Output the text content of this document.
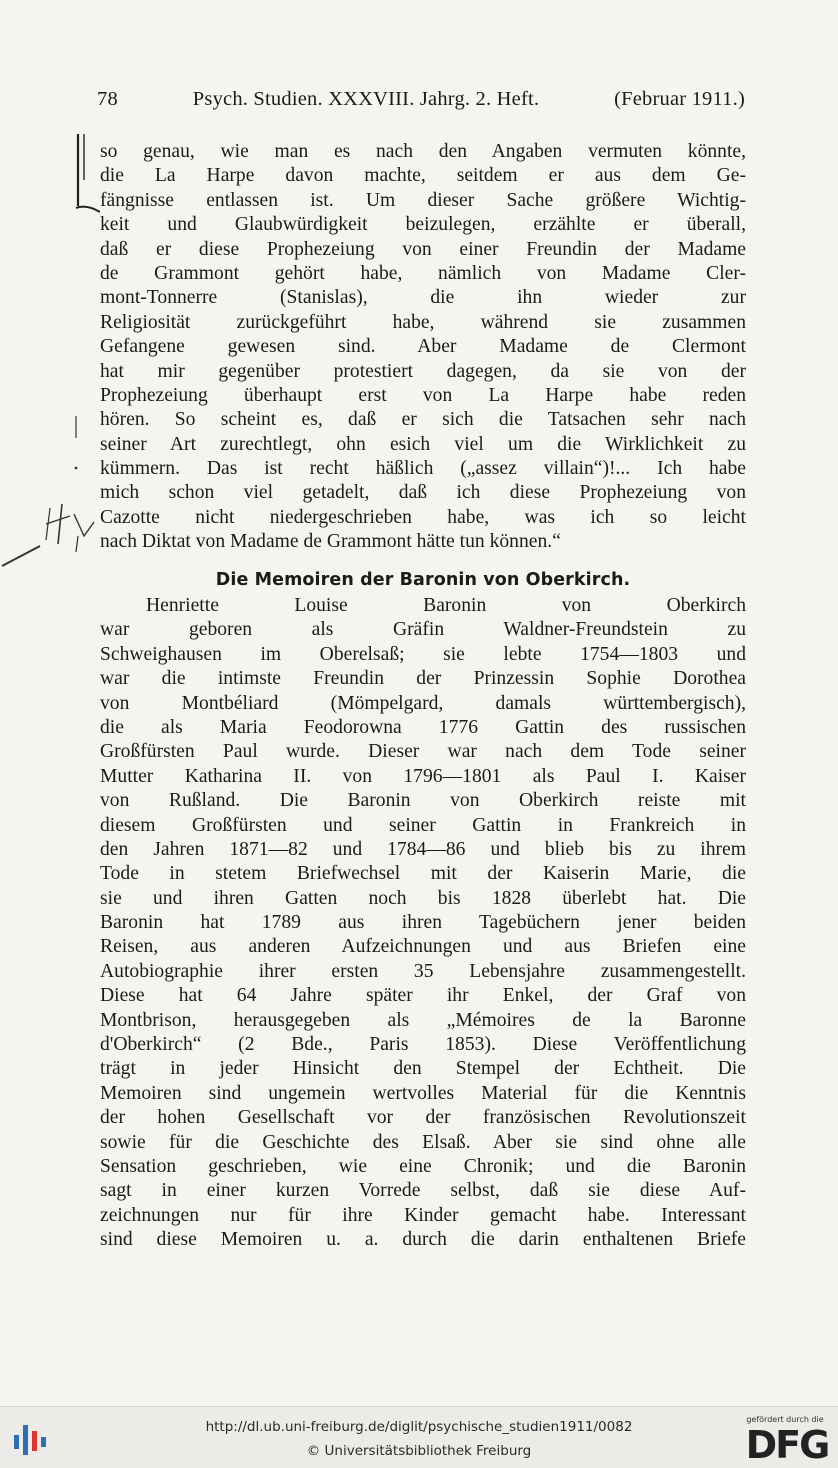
78	Psych. Studien. XXXVIII. Jahrg. 2. Heft.	(Februar 1911.)
so genau, wie man es nach den Angaben vermuten könnte,
die La Harpe davon machte, seitdem er aus dem Ge-
fängnisse entlassen ist. Um dieser Sache größere Wichtig-
keit und Glaubwürdigkeit beizulegen, erzählte er überall,
daß er diese Prophezeiung von einer Freundin der Madame
de Grammont gehört habe, nämlich von Madame Cler-
mont-Tonnerre (Stanislas), die ihn wieder zur
Religiosität zurückgeführt habe, während sie zusammen
Gefangene gewesen sind. Aber Madame de Clermont
hat mir gegenüber protestiert dagegen, da sie von der
Prophezeiung überhaupt erst von La Harpe habe reden
hören. So scheint es, daß er sich die Tatsachen sehr nach
seiner Art zurechtlegt, ohn esich viel um die Wirklichkeit zu
kümmern. Das ist recht häßlich („assez villain“)!... Ich habe
mich schon viel getadelt, daß ich diese Prophezeiung von
Cazotte nicht niedergeschrieben habe, was ich so leicht
nach Diktat von Madame de Grammont hätte tun können.“
Die Memoiren der Baronin von Oberkirch.
Henriette Louise Baronin von Oberkirch
war geboren als Gräfin Waldner-Freundstein zu
Schweighausen im Oberelsaß; sie lebte 1754—1803 und
war die intimste Freundin der Prinzessin Sophie Dorothea
von Montbéliard (Mömpelgard, damals württembergisch),
die als Maria Feodorowna 1776 Gattin des russischen
Großfürsten Paul wurde. Dieser war nach dem Tode seiner
Mutter Katharina II. von 1796—1801 als Paul I. Kaiser
von Rußland. Die Baronin von Oberkirch reiste mit
diesem Großfürsten und seiner Gattin in Frankreich in
den Jahren 1871—82 und 1784—86 und blieb bis zu ihrem
Tode in stetem Briefwechsel mit der Kaiserin Marie, die
sie und ihren Gatten noch bis 1828 überlebt hat. Die
Baronin hat 1789 aus ihren Tagebüchern jener beiden
Reisen, aus anderen Aufzeichnungen und aus Briefen eine
Autobiographie ihrer ersten 35 Lebensjahre zusammengestellt.
Diese hat 64 Jahre später ihr Enkel, der Graf von
Montbrison, herausgegeben als „Mémoires de la Baronne
d'Oberkirch“ (2 Bde., Paris 1853). Diese Veröffentlichung
trägt in jeder Hinsicht den Stempel der Echtheit. Die
Memoiren sind ungemein wertvolles Material für die Kenntnis
der hohen Gesellschaft vor der französischen Revolutionszeit
sowie für die Geschichte des Elsaß. Aber sie sind ohne alle
Sensation geschrieben, wie eine Chronik; und die Baronin
sagt in einer kurzen Vorrede selbst, daß sie diese Auf-
zeichnungen nur für ihre Kinder gemacht habe. Interessant
sind diese Memoiren u. a. durch die darin enthaltenen Briefe
http://dl.ub.uni-freiburg.de/diglit/psychische_studien1911/0082
© Universitätsbibliothek Freiburg
gefördert durch die
DFG
